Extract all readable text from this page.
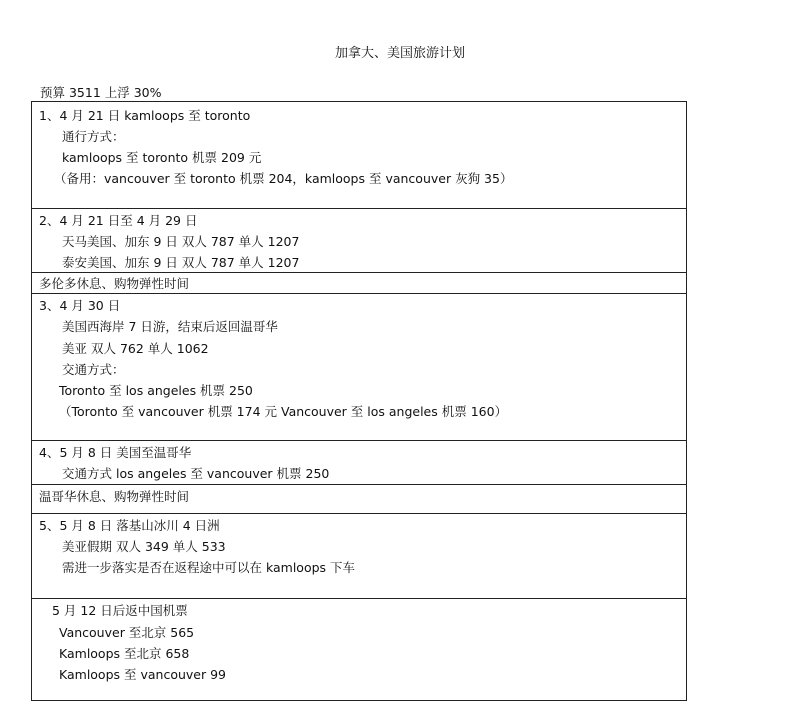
加拿大、美国旅游计划
预算 3511 上浮 30%
1、4 月 21 日 kamloops 至 toronto
通行方式：
kamloops 至 toronto 机票 209 元
（备用：vancouver 至 toronto 机票 204，kamloops 至 vancouver 灰狗 35）
2、4 月 21 日至 4 月 29 日
天马美国、加东 9 日 双人 787 单人 1207
泰安美国、加东 9 日 双人 787 单人 1207
多伦多休息、购物弹性时间
3、4 月 30 日
美国西海岸 7 日游，结束后返回温哥华
美亚 双人 762 单人 1062
交通方式：
Toronto 至 los angeles 机票 250
（Toronto 至 vancouver 机票 174 元 Vancouver 至 los angeles 机票 160）
4、5 月 8 日 美国至温哥华
交通方式 los angeles 至 vancouver 机票 250
温哥华休息、购物弹性时间
5、5 月 8 日 落基山冰川 4 日洲
美亚假期 双人 349 单人 533
需进一步落实是否在返程途中可以在 kamloops 下车
5 月 12 日后返中国机票
Vancouver 至北京 565
Kamloops 至北京 658
Kamloops 至 vancouver 99
